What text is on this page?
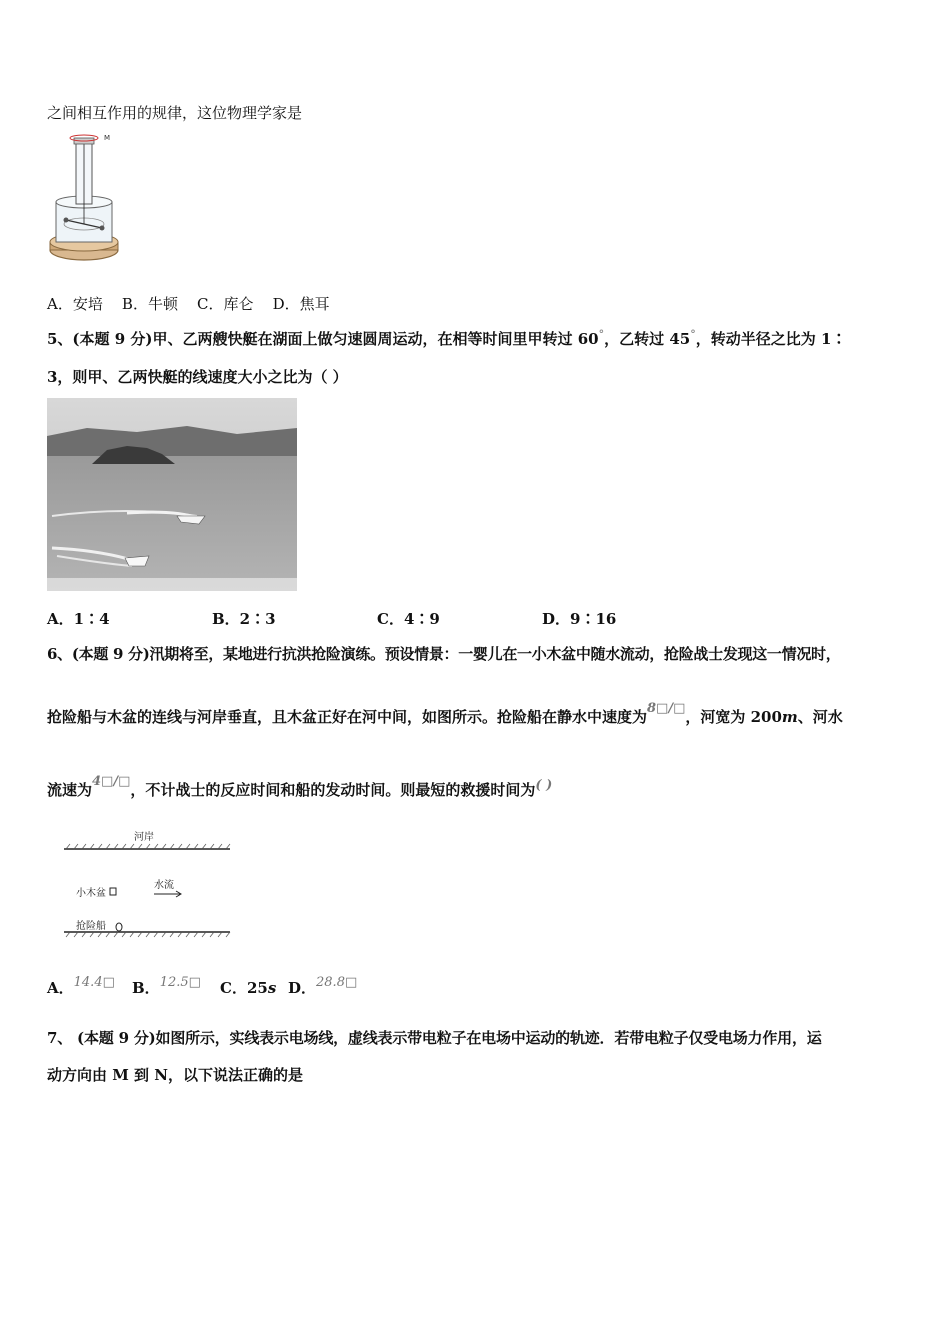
之间相互作用的规律，这位物理学家是
M
A．安培 B．牛顿 C．库仑 D．焦耳
5、(本题 9 分)甲、乙两艘快艇在湖面上做匀速圆周运动，在相等时间里甲转过 60°，乙转过 45°，转动半径之比为 1∶
3，则甲、乙两快艇的线速度大小之比为（ ）
A．1∶4	B．2∶3	C．4∶9	D．9∶16
6、(本题 9 分)汛期将至，某地进行抗洪抢险演练。预设情景：一婴儿在一小木盆中随水流动，抢险战士发现这一情况时，
抢险船与木盆的连线与河岸垂直，且木盆正好在河中间，如图所示。抢险船在静水中速度为8□/□，河宽为 200m、河水
流速为4□/□，不计战士的反应时间和船的发动时间。则最短的救援时间为( )
河岸
小木盆
水流
抢险船
A．14.4□ B．12.5□ C．25s D．28.8□
7、 (本题 9 分)如图所示，实线表示电场线，虚线表示带电粒子在电场中运动的轨迹．若带电粒子仅受电场力作用，运
动方向由 M 到 N，以下说法正确的是
